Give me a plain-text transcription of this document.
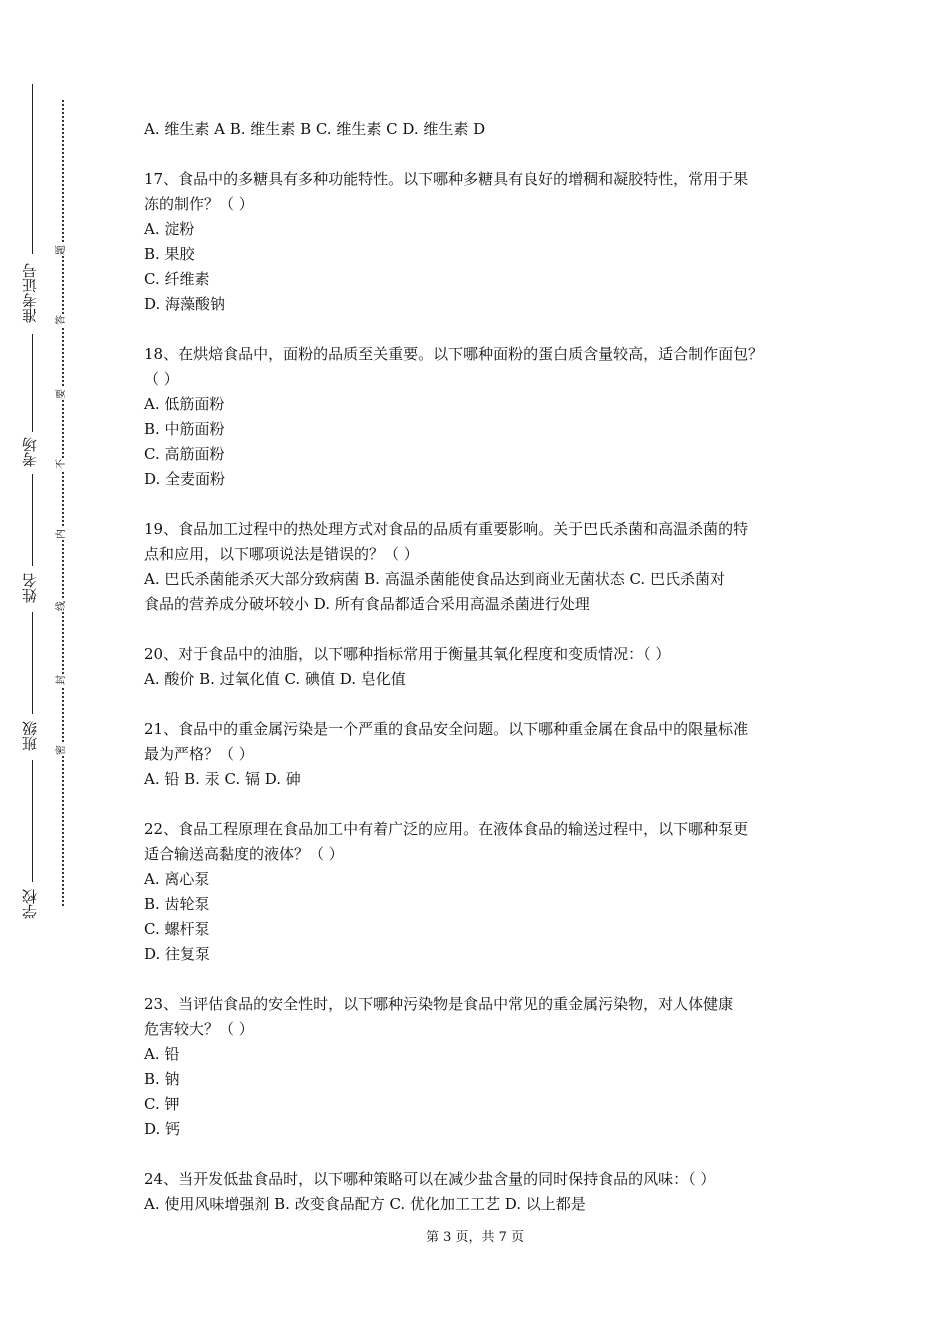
准考证号
考场
姓名
班级
学校
题
答
要
不
内
线
封
密
A. 维生素 A B. 维生素 B C. 维生素 C D. 维生素 D
17、食品中的多糖具有多种功能特性。以下哪种多糖具有良好的增稠和凝胶特性，常用于果
冻的制作？（ ）
A. 淀粉
B. 果胶
C. 纤维素
D. 海藻酸钠
18、在烘焙食品中，面粉的品质至关重要。以下哪种面粉的蛋白质含量较高，适合制作面包？
（ ）
A. 低筋面粉
B. 中筋面粉
C. 高筋面粉
D. 全麦面粉
19、食品加工过程中的热处理方式对食品的品质有重要影响。关于巴氏杀菌和高温杀菌的特
点和应用，以下哪项说法是错误的？（ ）
A. 巴氏杀菌能杀灭大部分致病菌 B. 高温杀菌能使食品达到商业无菌状态 C. 巴氏杀菌对
食品的营养成分破坏较小 D. 所有食品都适合采用高温杀菌进行处理
20、对于食品中的油脂，以下哪种指标常用于衡量其氧化程度和变质情况：（ ）
A. 酸价 B. 过氧化值 C. 碘值 D. 皂化值
21、食品中的重金属污染是一个严重的食品安全问题。以下哪种重金属在食品中的限量标准
最为严格？（ ）
A. 铅 B. 汞 C. 镉 D. 砷
22、食品工程原理在食品加工中有着广泛的应用。在液体食品的输送过程中，以下哪种泵更
适合输送高黏度的液体？（ ）
A. 离心泵
B. 齿轮泵
C. 螺杆泵
D. 往复泵
23、当评估食品的安全性时，以下哪种污染物是食品中常见的重金属污染物，对人体健康
危害较大？（ ）
A. 铅
B. 钠
C. 钾
D. 钙
24、当开发低盐食品时，以下哪种策略可以在减少盐含量的同时保持食品的风味：（ ）
A. 使用风味增强剂 B. 改变食品配方 C. 优化加工工艺 D. 以上都是
第 3 页，共 7 页
